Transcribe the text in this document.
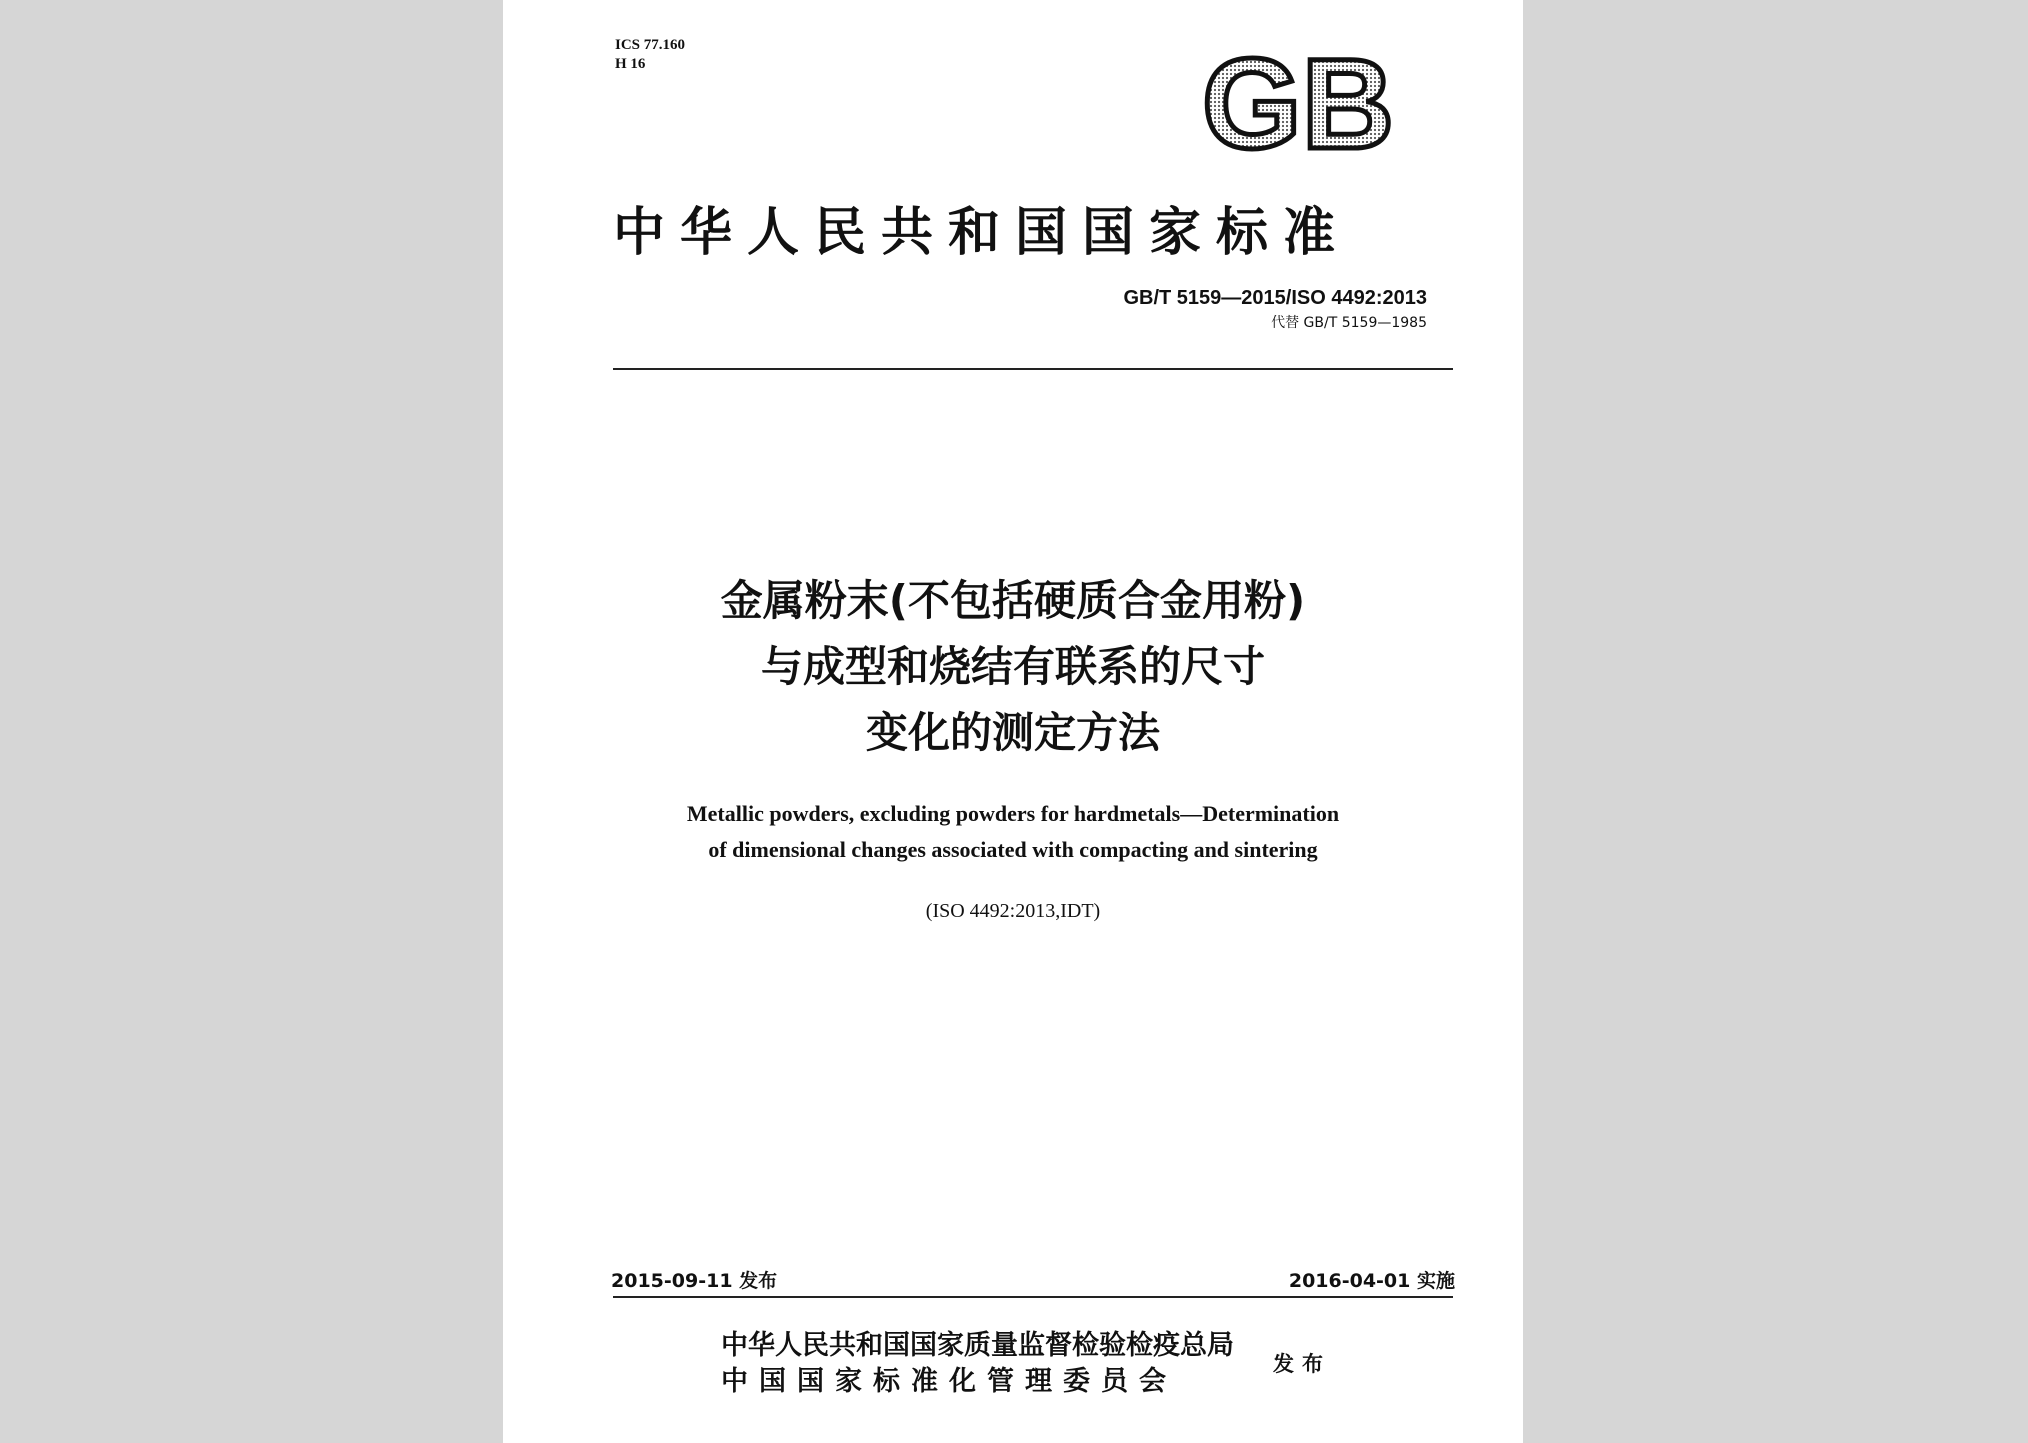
ICS 77.160
H 16	GB
中华人民共和国国家标准
GB/T 5159—2015/ISO 4492:2013
代替 GB/T 5159—1985
金属粉末(不包括硬质合金用粉)
与成型和烧结有联系的尺寸
变化的测定方法
Metallic powders, excluding powders for hardmetals—Determination
of dimensional changes associated with compacting and sintering
(ISO 4492:2013,IDT)
2015-09-11 发布	2016-04-01 实施
中华人民共和国国家质量监督检验检疫总局
中国国家标准化管理委员会
发布
